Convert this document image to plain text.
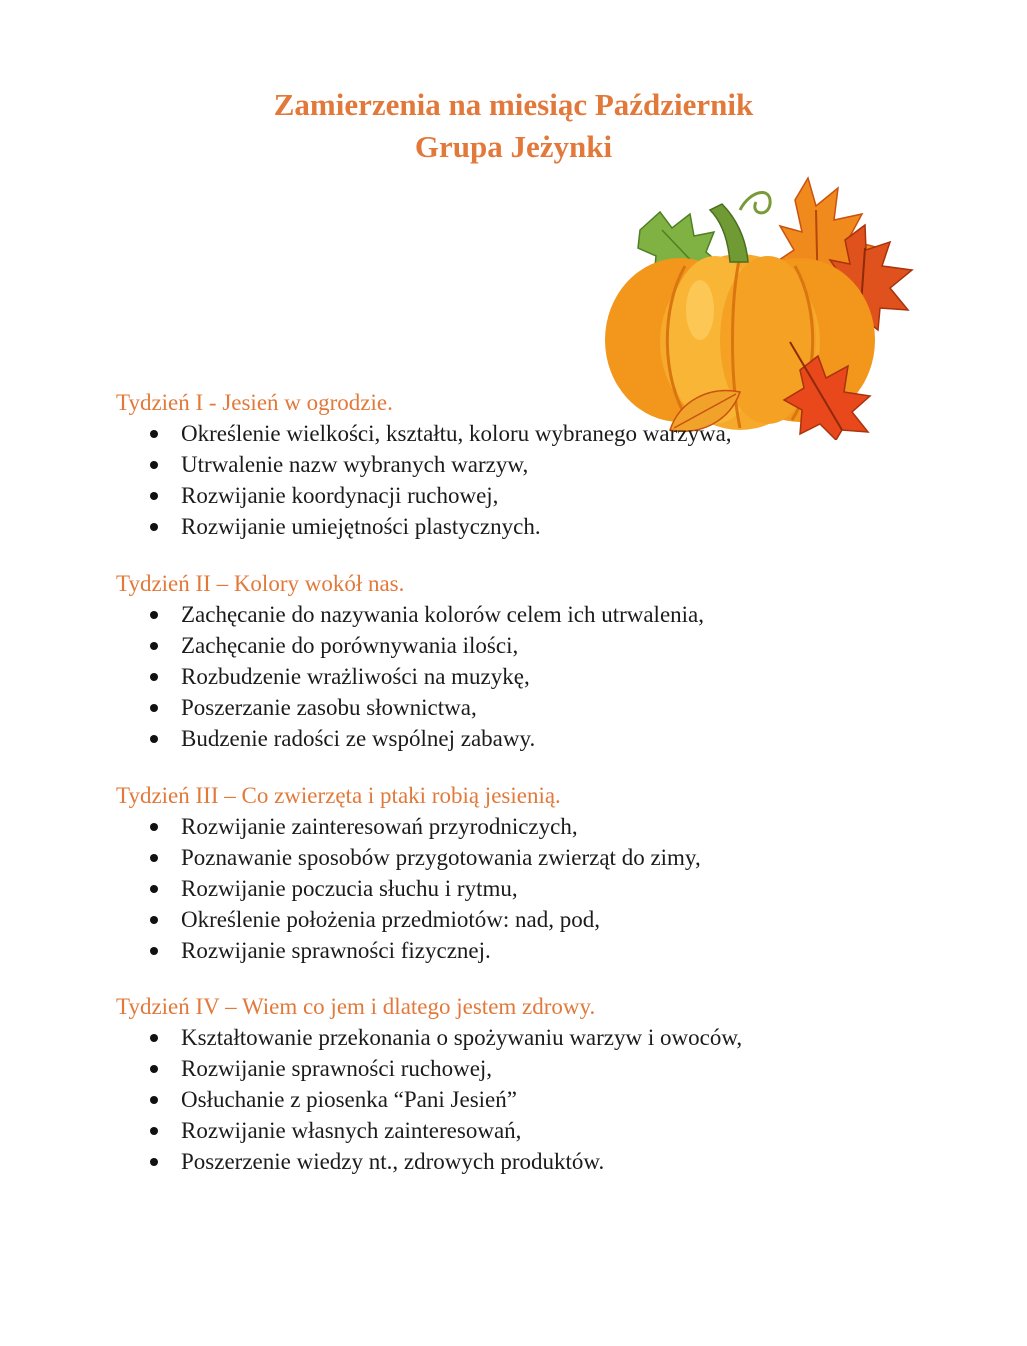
Zamierzenia na miesiąc Październik
Grupa Jeżynki

Tydzień I - Jesień w ogrodzie.

Określenie wielkości, kształtu, koloru wybranego warzywa,
Utrwalenie nazw wybranych warzyw,
Rozwijanie koordynacji ruchowej,
Rozwijanie umiejętności plastycznych.

Tydzień II – Kolory wokół nas.

Zachęcanie do nazywania kolorów celem ich utrwalenia,
Zachęcanie do porównywania ilości,
Rozbudzenie wrażliwości na muzykę,
Poszerzanie zasobu słownictwa,
Budzenie radości ze wspólnej zabawy.

Tydzień III – Co zwierzęta i ptaki robią jesienią.

Rozwijanie zainteresowań przyrodniczych,
Poznawanie sposobów przygotowania zwierząt do zimy,
Rozwijanie poczucia słuchu i rytmu,
Określenie położenia przedmiotów: nad, pod,
Rozwijanie sprawności fizycznej.

Tydzień IV – Wiem co jem i dlatego jestem zdrowy.

Kształtowanie przekonania o spożywaniu warzyw i owoców,
Rozwijanie sprawności ruchowej,
Osłuchanie z piosenka “Pani Jesień”
Rozwijanie własnych zainteresowań,
Poszerzenie wiedzy nt., zdrowych produktów.
